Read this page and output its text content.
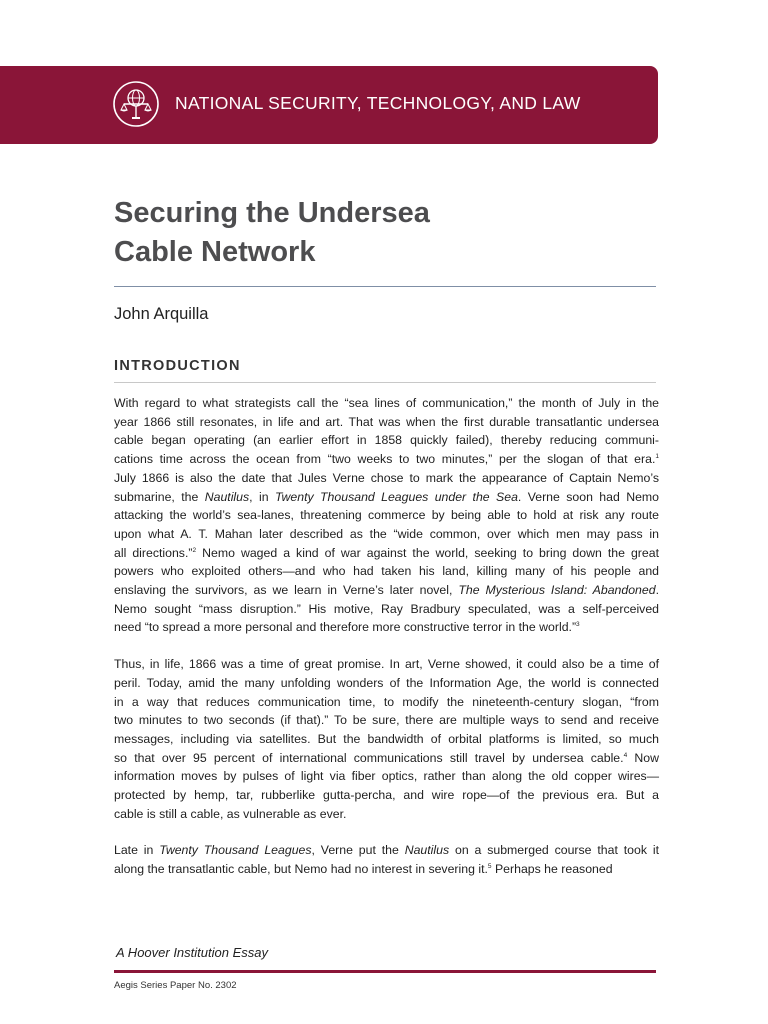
NATIONAL SECURITY, TECHNOLOGY, AND LAW
Securing the Undersea
Cable Network
John Arquilla
INTRODUCTION

With regard to what strategists call the “sea lines of communication,” the month of July in the
year 1866 still resonates, in life and art. That was when the first durable transatlantic undersea
cable began operating (an earlier effort in 1858 quickly failed), thereby reducing communi-
cations time across the ocean from “two weeks to two minutes,” per the slogan of that era.$^1$
July 1866 is also the date that Jules Verne chose to mark the appearance of Captain Nemo’s
submarine, the Nautilus, in Twenty Thousand Leagues under the Sea. Verne soon had Nemo
attacking the world’s sea-lanes, threatening commerce by being able to hold at risk any route
upon what A. T. Mahan later described as the “wide common, over which men may pass in
all directions.”$^2$ Nemo waged a kind of war against the world, seeking to bring down the great
powers who exploited others—and who had taken his land, killing many of his people and
enslaving the survivors, as we learn in Verne’s later novel, The Mysterious Island: Abandoned.
Nemo sought “mass disruption.” His motive, Ray Bradbury speculated, was a self-perceived
need “to spread a more personal and therefore more constructive terror in the world.”$^3$

Thus, in life, 1866 was a time of great promise. In art, Verne showed, it could also be a time of
peril. Today, amid the many unfolding wonders of the Information Age, the world is connected
in a way that reduces communication time, to modify the nineteenth-century slogan, “from
two minutes to two seconds (if that).” To be sure, there are multiple ways to send and receive
messages, including via satellites. But the bandwidth of orbital platforms is limited, so much
so that over 95 percent of international communications still travel by undersea cable.$^4$ Now
information moves by pulses of light via fiber optics, rather than along the old copper wires—
protected by hemp, tar, rubberlike gutta-percha, and wire rope—of the previous era. But a
cable is still a cable, as vulnerable as ever.

Late in Twenty Thousand Leagues, Verne put the Nautilus on a submerged course that took it
along the transatlantic cable, but Nemo had no interest in severing it.$^5$ Perhaps he reasoned

A Hoover Institution Essay
Aegis Series Paper No. 2302
